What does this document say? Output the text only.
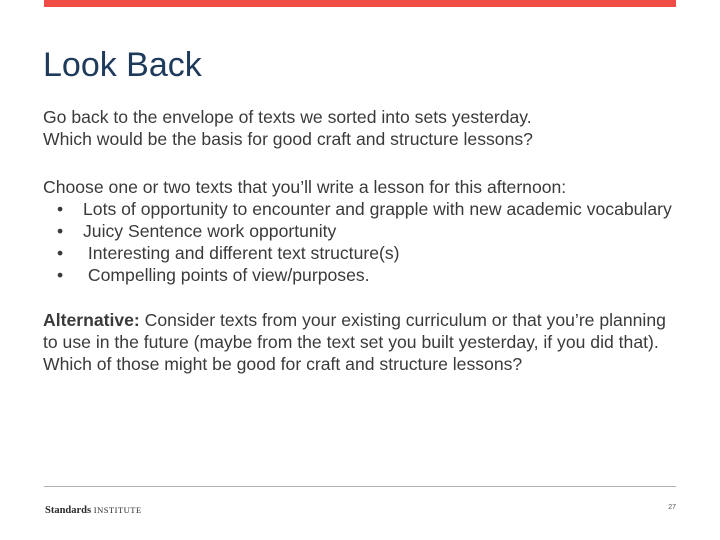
Look Back

Go back to the envelope of texts we sorted into sets yesterday.

Which would be the basis for good craft and structure lessons?

Choose one or two texts that you’ll write a lesson for this afternoon:

• Lots of opportunity to encounter and grapple with new academic vocabulary
• Juicy Sentence work opportunity
• Interesting and different text structure(s)
• Compelling points of view/purposes.

Alternative: Consider texts from your existing curriculum or that you’re planning to use in the future (maybe from the text set you built yesterday, if you did that). Which of those might be good for craft and structure lessons?

Standards INSTITUTE	27
